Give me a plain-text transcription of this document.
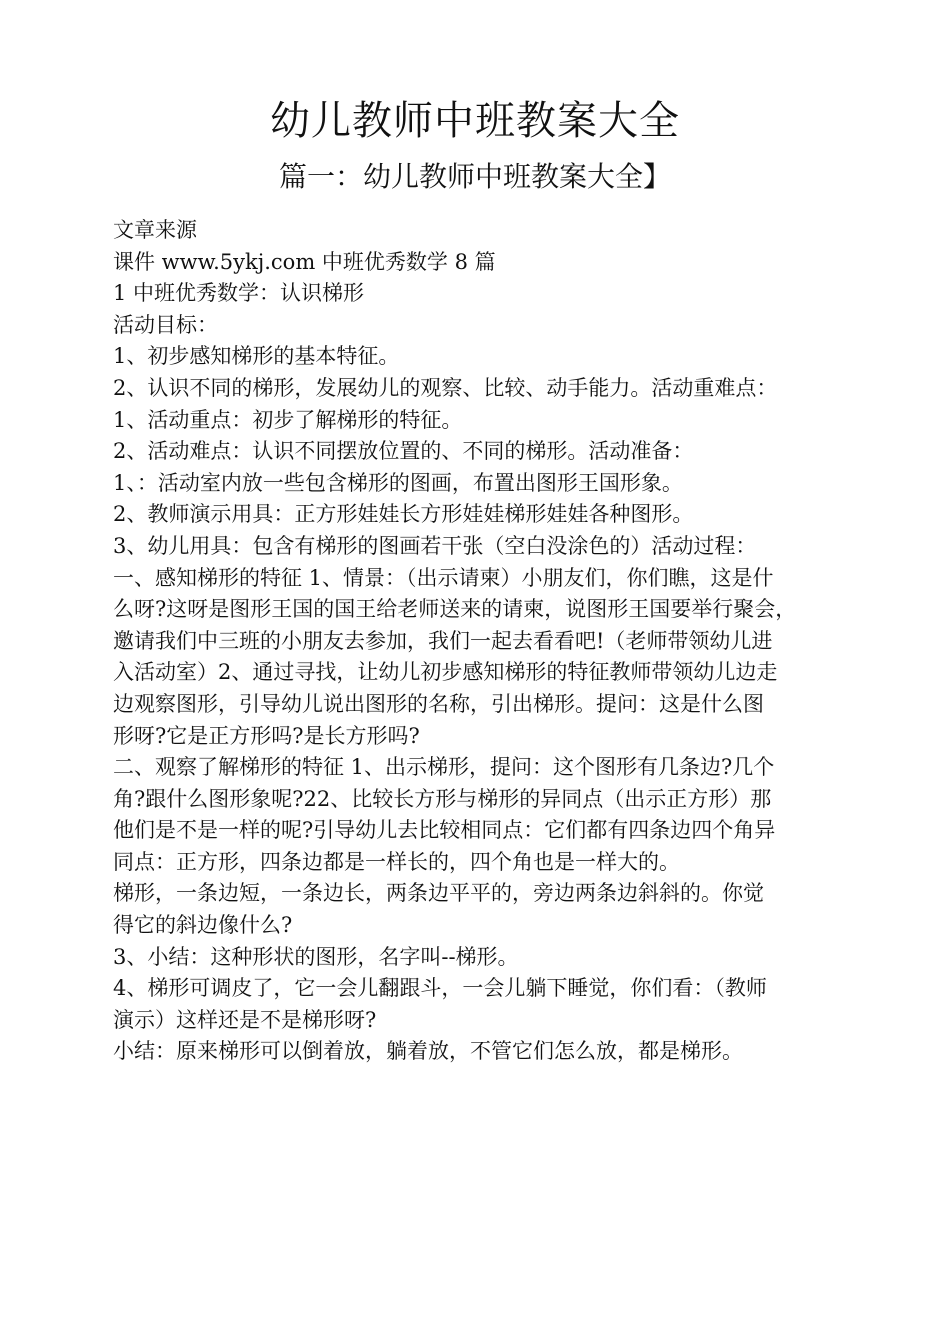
幼儿教师中班教案大全
篇一：幼儿教师中班教案大全】
文章来源
课件 www.5ykj.com 中班优秀数学 8 篇
1 中班优秀数学：认识梯形
活动目标：
1、初步感知梯形的基本特征。
2、认识不同的梯形，发展幼儿的观察、比较、动手能力。活动重难点：
1、活动重点：初步了解梯形的特征。
2、活动难点：认识不同摆放位置的、不同的梯形。活动准备：
1、：活动室内放一些包含梯形的图画，布置出图形王国形象。
2、教师演示用具：正方形娃娃长方形娃娃梯形娃娃各种图形。
3、幼儿用具：包含有梯形的图画若干张（空白没涂色的）活动过程：
一、感知梯形的特征 1、情景：（出示请柬）小朋友们，你们瞧，这是什
么呀?这呀是图形王国的国王给老师送来的请柬，说图形王国要举行聚会，
邀请我们中三班的小朋友去参加，我们一起去看看吧!（老师带领幼儿进
入活动室）2、通过寻找，让幼儿初步感知梯形的特征教师带领幼儿边走
边观察图形，引导幼儿说出图形的名称，引出梯形。提问：这是什么图
形呀?它是正方形吗?是长方形吗?
二、观察了解梯形的特征 1、出示梯形，提问：这个图形有几条边?几个
角?跟什么图形象呢?22、比较长方形与梯形的异同点（出示正方形）那
他们是不是一样的呢?引导幼儿去比较相同点：它们都有四条边四个角异
同点：正方形，四条边都是一样长的，四个角也是一样大的。
梯形，一条边短，一条边长，两条边平平的，旁边两条边斜斜的。你觉
得它的斜边像什么?
3、小结：这种形状的图形，名字叫--梯形。
4、梯形可调皮了，它一会儿翻跟斗，一会儿躺下睡觉，你们看：（教师
演示）这样还是不是梯形呀?
小结：原来梯形可以倒着放，躺着放，不管它们怎么放，都是梯形。
